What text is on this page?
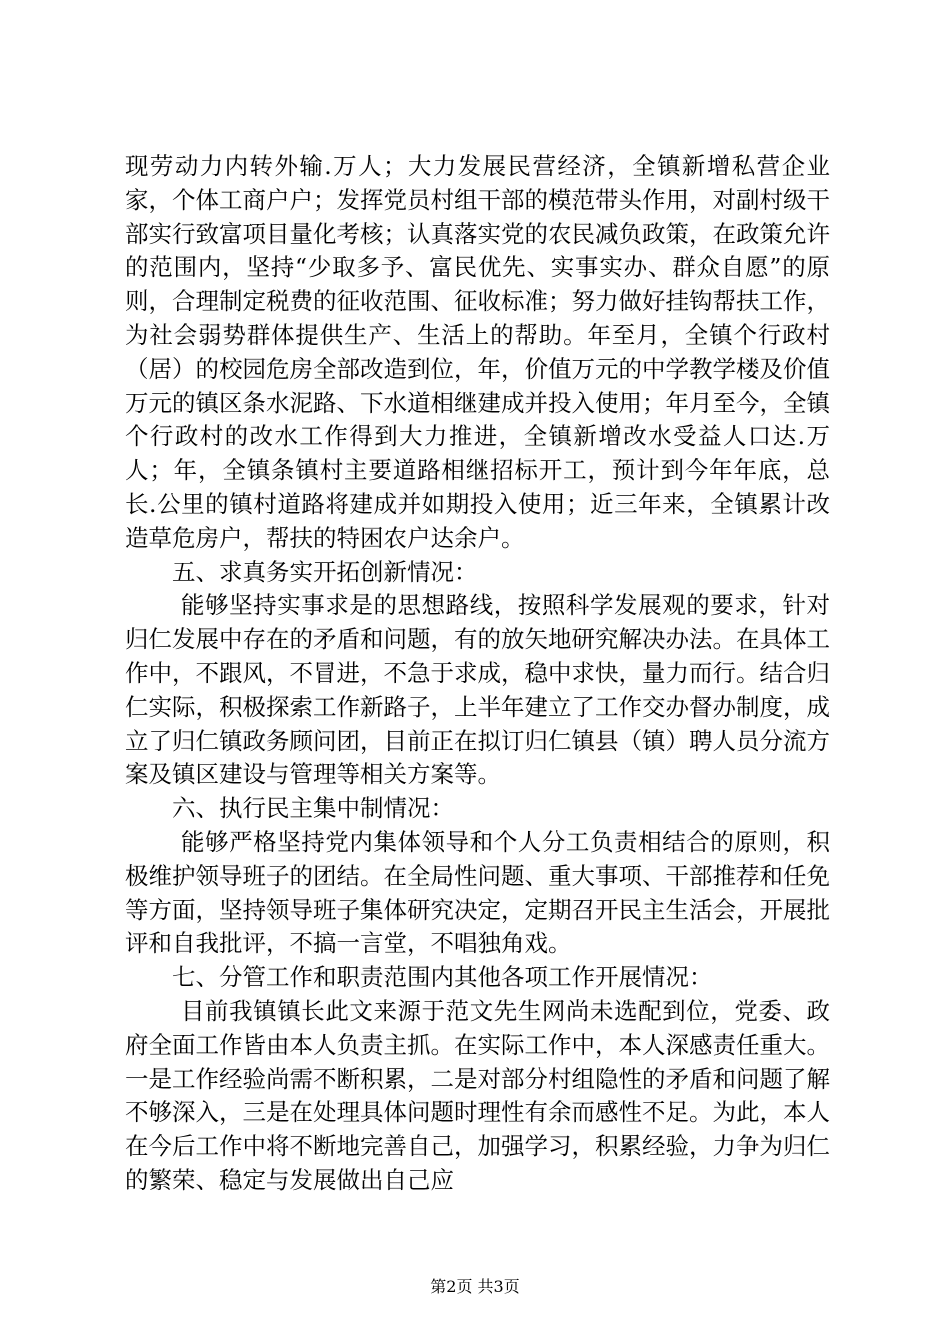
现劳动力内转外输.万人；大力发展民营经济，全镇新增私营企业家，个体工商户户；发挥党员村组干部的模范带头作用，对副村级干部实行致富项目量化考核；认真落实党的农民减负政策，在政策允许的范围内，坚持“少取多予、富民优先、实事实办、群众自愿”的原则，合理制定税费的征收范围、征收标准；努力做好挂钩帮扶工作，为社会弱势群体提供生产、生活上的帮助。年至月，全镇个行政村（居）的校园危房全部改造到位，年，价值万元的中学教学楼及价值万元的镇区条水泥路、下水道相继建成并投入使用；年月至今，全镇个行政村的改水工作得到大力推进，全镇新增改水受益人口达.万人；年，全镇条镇村主要道路相继招标开工，预计到今年年底，总长.公里的镇村道路将建成并如期投入使用；近三年来，全镇累计改造草危房户，帮扶的特困农户达余户。

五、求真务实开拓创新情况：

能够坚持实事求是的思想路线，按照科学发展观的要求，针对归仁发展中存在的矛盾和问题，有的放矢地研究解决办法。在具体工作中，不跟风，不冒进，不急于求成，稳中求快，量力而行。结合归仁实际，积极探索工作新路子，上半年建立了工作交办督办制度，成立了归仁镇政务顾问团，目前正在拟订归仁镇县（镇）聘人员分流方案及镇区建设与管理等相关方案等。

六、执行民主集中制情况：

能够严格坚持党内集体领导和个人分工负责相结合的原则，积极维护领导班子的团结。在全局性问题、重大事项、干部推荐和任免等方面，坚持领导班子集体研究决定，定期召开民主生活会，开展批评和自我批评，不搞一言堂，不唱独角戏。

七、分管工作和职责范围内其他各项工作开展情况：

目前我镇镇长此文来源于范文先生网尚未选配到位，党委、政府全面工作皆由本人负责主抓。在实际工作中，本人深感责任重大。一是工作经验尚需不断积累，二是对部分村组隐性的矛盾和问题了解不够深入，三是在处理具体问题时理性有余而感性不足。为此，本人在今后工作中将不断地完善自己，加强学习，积累经验，力争为归仁的繁荣、稳定与发展做出自己应

第2页 共3页
